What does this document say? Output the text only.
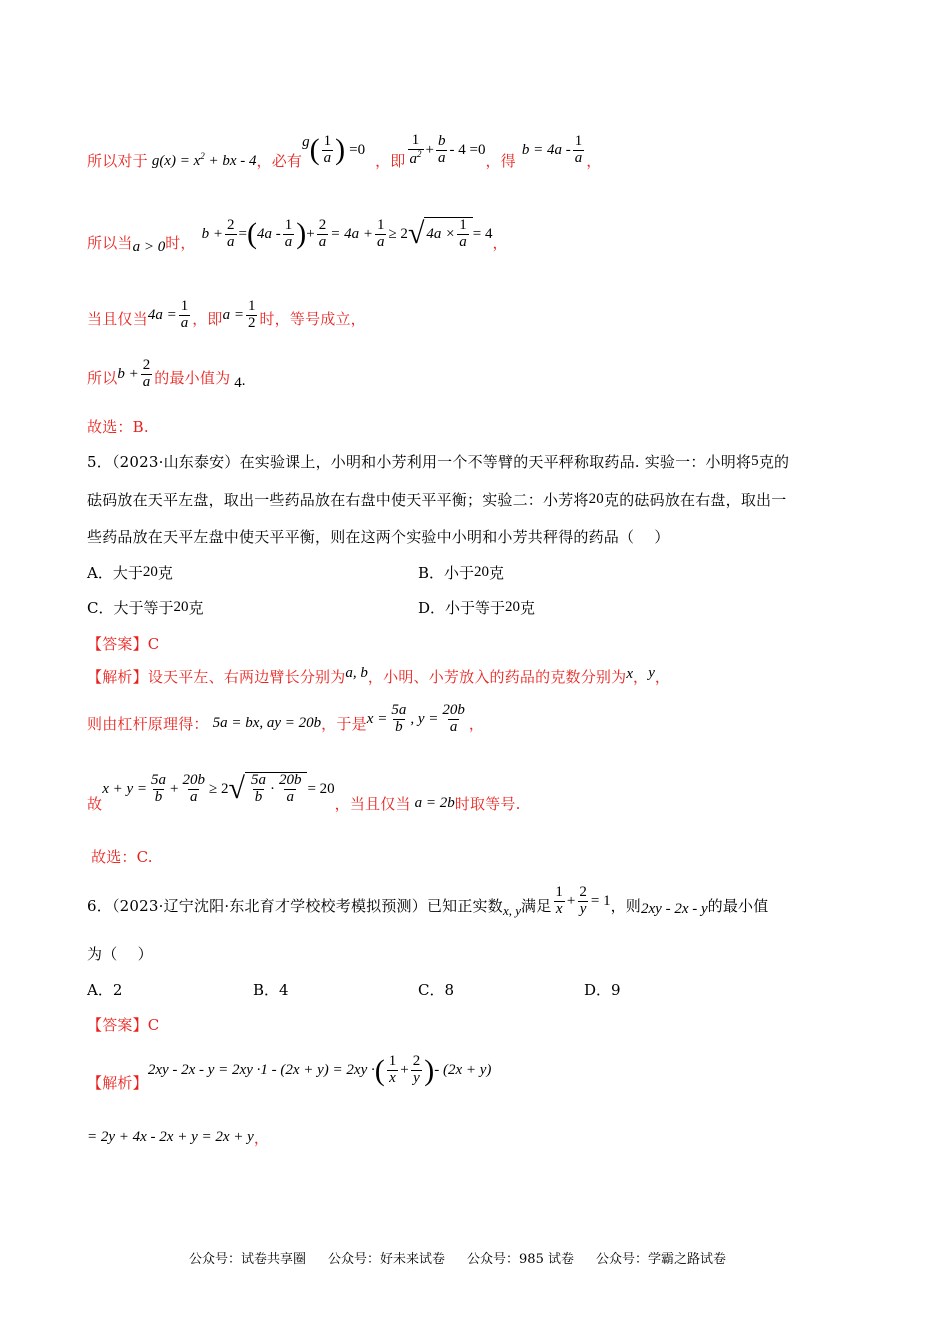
所以对于 $g(x) = x^2$ + bx - 4 ，必有
g ( $\frac{1}{a}$ ) =0
，即 $\frac{1}{a^2} + \frac{b}{a} - 4 =0$
，得
$b = 4a - \frac{1}{a}$ ，
所以当 a > 0 时， $b + \frac{2}{a}$ = ( $4a - \frac{1}{a}$ ) + $\frac{2}{a} = 4a + \frac{1}{a} \ge 2$ √ $4a \times \frac{1}{a} = 4$ ，
当且仅当 $4a = \frac{1}{a}$ ，即 $a = \frac{1}{2}$ 时，等号成立，
所以 $b + \frac{2}{a}$ 的最小值为 4 .
故选：B.
5．（2023·山东泰安）在实验课上，小明和小芳利用一个不等臂的天平秤称取药品. 实验一：小明将5克的
砝码放在天平左盘，取出一些药品放在右盘中使天平平衡；实验二：小芳将20克的砝码放在右盘，取出一
些药品放在天平左盘中使天平平衡，则在这两个实验中小明和小芳共秤得的药品（　 ）
A．大于20克	B．小于20克
C．大于等于20克	D．小于等于20克
【答案】C
【解析】 设天平左、右两边臂长分别为 a, b ，小明、小芳放入的药品的克数分别为 x ， y ，
则由杠杆原理得： 5a = bx, ay = 20b ，于是 $x = \frac{5a}{b}$ , $y = \frac{20b}{a}$ ，
故
$x + y = \frac{5a}{b} + \frac{20b}{a} \ge 2$ √ $\frac{5a}{b} \cdot \frac{20b}{a} = 20$
，当且仅当 a = 2b 时取等号.
故选：C.
6．（2023·辽宁沈阳·东北育才学校校考模拟预测）已知正实数 x, y 满足 $\frac{1}{x} + \frac{2}{y} = 1$ ，则 2xy - 2x - y 的最小值
为（　 ）
A．2	B．4	C．8	D．9
【答案】C
【解析】
2xy - 2x - y = 2xy ·1 - (2x + y) = 2xy · ( $\frac{1}{x} + \frac{2}{y}$ ) - (2x + y)
= 2y + 4x - 2x + y = 2x + y ，
公众号：试卷共享圈 公众号：好未来试卷 公众号：985 试卷 公众号：学霸之路试卷
